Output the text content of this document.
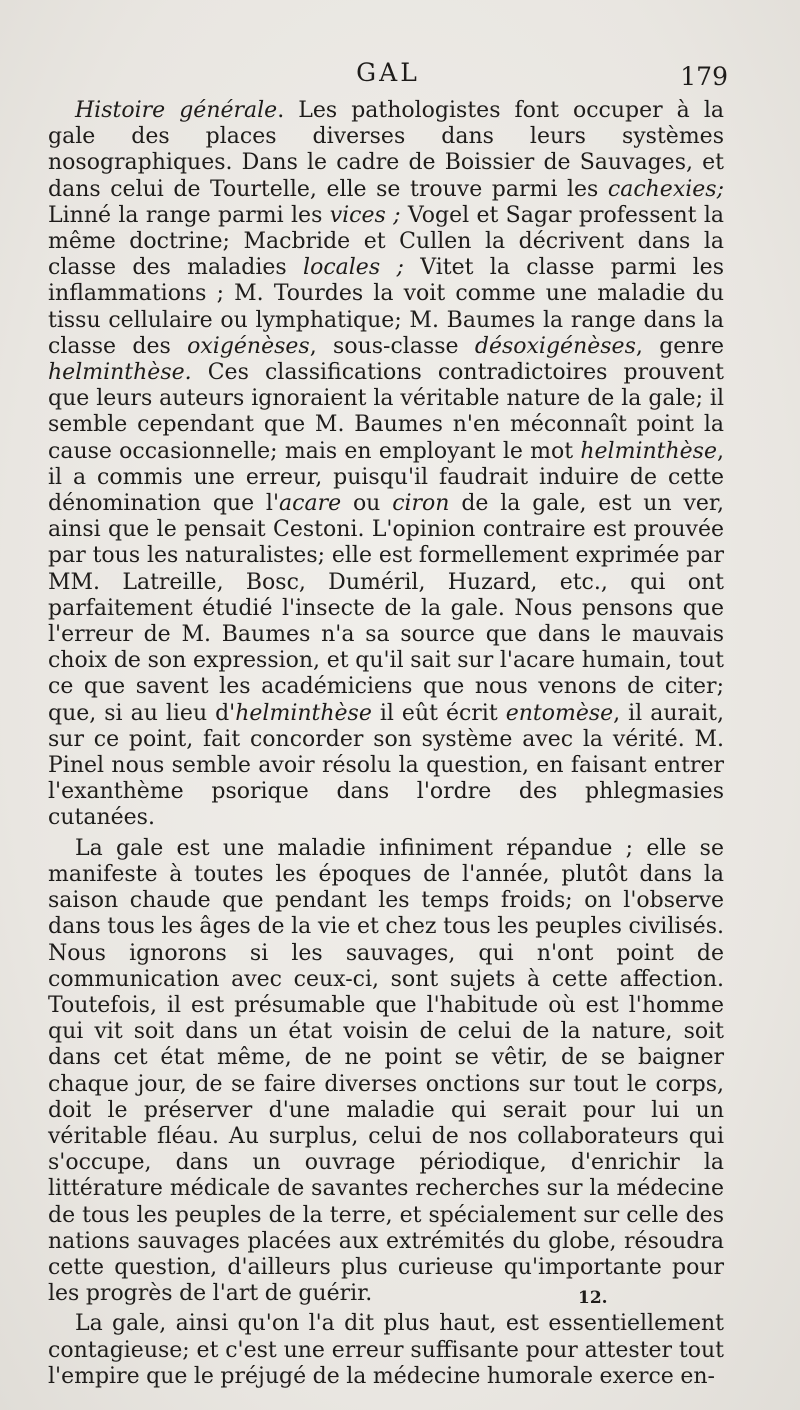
GAL	179

Histoire générale. Les pathologistes font occuper à la gale des places diverses dans leurs systèmes nosographiques. Dans le cadre de Boissier de Sauvages, et dans celui de Tourtelle, elle se trouve parmi les cachexies; Linné la range parmi les vices ; Vogel et Sagar professent la même doctrine; Macbride et Cullen la décrivent dans la classe des maladies locales ; Vitet la classe parmi les inflammations ; M. Tourdes la voit comme une maladie du tissu cellulaire ou lymphatique; M. Baumes la range dans la classe des oxigénèses, sous-classe désoxigénèses, genre helminthèse. Ces classifications contradictoires prouvent que leurs auteurs ignoraient la véritable nature de la gale; il semble cependant que M. Baumes n'en méconnaît point la cause occasionnelle; mais en employant le mot helminthèse, il a commis une erreur, puisqu'il faudrait induire de cette dénomination que l'acare ou ciron de la gale, est un ver, ainsi que le pensait Cestoni. L'opinion contraire est prouvée par tous les naturalistes; elle est formellement exprimée par MM. Latreille, Bosc, Duméril, Huzard, etc., qui ont parfaitement étudié l'insecte de la gale. Nous pensons que l'erreur de M. Baumes n'a sa source que dans le mauvais choix de son expression, et qu'il sait sur l'acare humain, tout ce que savent les académiciens que nous venons de citer; que, si au lieu d'helminthèse il eût écrit entomèse, il aurait, sur ce point, fait concorder son système avec la vérité. M. Pinel nous semble avoir résolu la question, en faisant entrer l'exanthème psorique dans l'ordre des phlegmasies cutanées.

La gale est une maladie infiniment répandue ; elle se manifeste à toutes les époques de l'année, plutôt dans la saison chaude que pendant les temps froids; on l'observe dans tous les âges de la vie et chez tous les peuples civilisés. Nous ignorons si les sauvages, qui n'ont point de communication avec ceux-ci, sont sujets à cette affection. Toutefois, il est présumable que l'habitude où est l'homme qui vit soit dans un état voisin de celui de la nature, soit dans cet état même, de ne point se vêtir, de se baigner chaque jour, de se faire diverses onctions sur tout le corps, doit le préserver d'une maladie qui serait pour lui un véritable fléau. Au surplus, celui de nos collaborateurs qui s'occupe, dans un ouvrage périodique, d'enrichir la littérature médicale de savantes recherches sur la médecine de tous les peuples de la terre, et spécialement sur celle des nations sauvages placées aux extrémités du globe, résoudra cette question, d'ailleurs plus curieuse qu'importante pour les progrès de l'art de guérir.

La gale, ainsi qu'on l'a dit plus haut, est essentiellement contagieuse; et c'est une erreur suffisante pour attester tout l'empire que le préjugé de la médecine humorale exerce en-

12.
